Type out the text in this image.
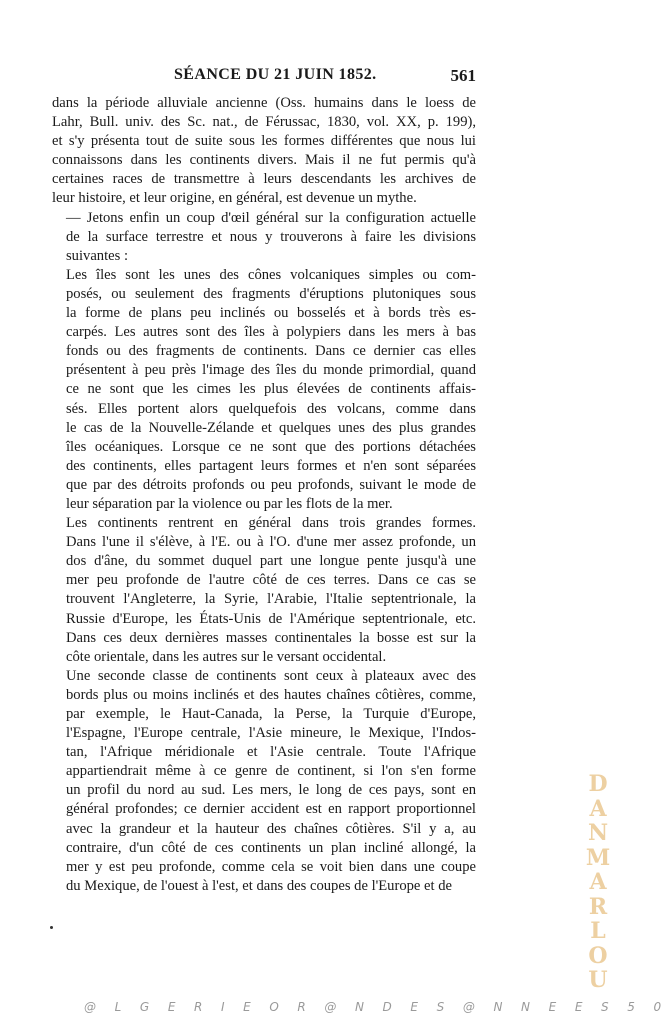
SÉANCE DU 21 JUIN 1852.	561

dans la période alluviale ancienne (Oss. humains dans le loess de
Lahr, Bull. univ. des Sc. nat., de Férussac, 1830, vol. XX, p. 199),
et s'y présenta tout de suite sous les formes différentes que nous lui
connaissons dans les continents divers. Mais il ne fut permis qu'à
certaines races de transmettre à leurs descendants les archives de
leur histoire, et leur origine, en général, est devenue un mythe.

— Jetons enfin un coup d'œil général sur la configuration actuelle
de la surface terrestre et nous y trouverons à faire les divisions
suivantes :

Les îles sont les unes des cônes volcaniques simples ou com-
posés, ou seulement des fragments d'éruptions plutoniques sous
la forme de plans peu inclinés ou bosselés et à bords très es-
carpés. Les autres sont des îles à polypiers dans les mers à bas
fonds ou des fragments de continents. Dans ce dernier cas elles
présentent à peu près l'image des îles du monde primordial, quand
ce ne sont que les cimes les plus élevées de continents affais-
sés. Elles portent alors quelquefois des volcans, comme dans
le cas de la Nouvelle-Zélande et quelques unes des plus grandes
îles océaniques. Lorsque ce ne sont que des portions détachées
des continents, elles partagent leurs formes et n'en sont séparées
que par des détroits profonds ou peu profonds, suivant le mode de
leur séparation par la violence ou par les flots de la mer.

Les continents rentrent en général dans trois grandes formes.
Dans l'une il s'élève, à l'E. ou à l'O. d'une mer assez profonde, un
dos d'âne, du sommet duquel part une longue pente jusqu'à une
mer peu profonde de l'autre côté de ces terres. Dans ce cas se
trouvent l'Angleterre, la Syrie, l'Arabie, l'Italie septentrionale, la
Russie d'Europe, les États-Unis de l'Amérique septentrionale, etc.
Dans ces deux dernières masses continentales la bosse est sur la
côte orientale, dans les autres sur le versant occidental.

Une seconde classe de continents sont ceux à plateaux avec des
bords plus ou moins inclinés et des hautes chaînes côtières, comme,
par exemple, le Haut-Canada, la Perse, la Turquie d'Europe,
l'Espagne, l'Europe centrale, l'Asie mineure, le Mexique, l'Indos-
tan, l'Afrique méridionale et l'Asie centrale. Toute l'Afrique
appartiendrait même à ce genre de continent, si l'on s'en forme
un profil du nord au sud. Les mers, le long de ces pays, sont en
général profondes; ce dernier accident est en rapport proportionnel
avec la grandeur et la hauteur des chaînes côtières. S'il y a, au
contraire, d'un côté de ces continents un plan incliné allongé, la
mer y est peu profonde, comme cela se voit bien dans une coupe
du Mexique, de l'ouest à l'est, et dans des coupes de l'Europe et de

D
A
N
M
A
R
L
O
U
@ L G E R I E O R @ N D E S @ N N E E S 5 0
